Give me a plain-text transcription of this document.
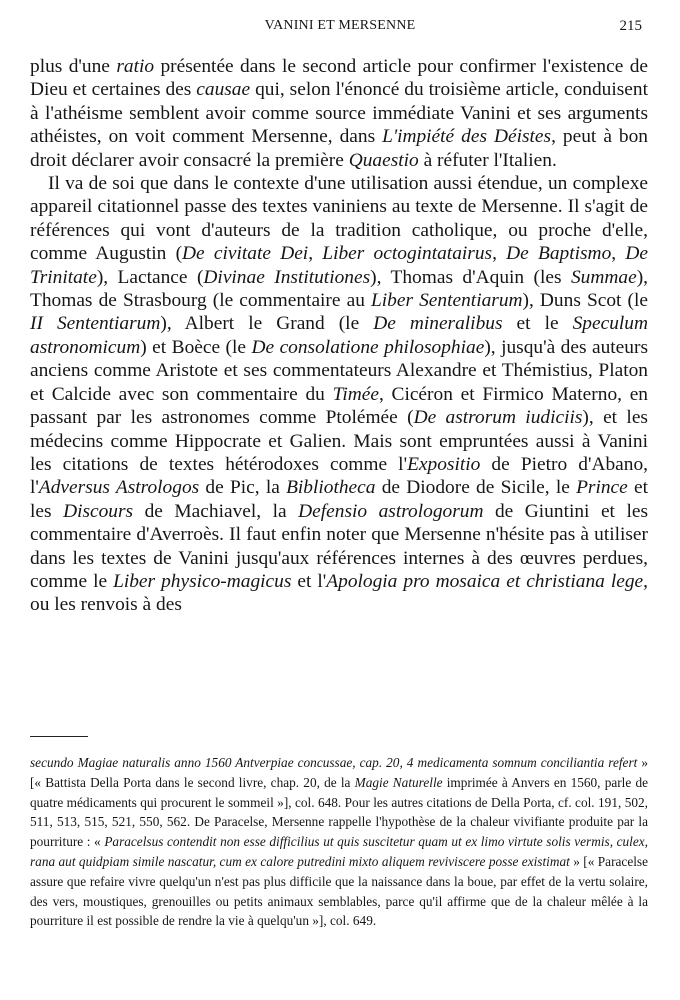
VANINI ET MERSENNE	215

plus d'une ratio présentée dans le second article pour confirmer l'existence de Dieu et certaines des causae qui, selon l'énoncé du troisième article, conduisent à l'athéisme semblent avoir comme source immédiate Vanini et ses arguments athéistes, on voit comment Mersenne, dans L'impiété des Déistes, peut à bon droit déclarer avoir consacré la première Quaestio à réfuter l'Italien.

Il va de soi que dans le contexte d'une utilisation aussi étendue, un complexe appareil citationnel passe des textes vaniniens au texte de Mersenne. Il s'agit de références qui vont d'auteurs de la tradition catholique, ou proche d'elle, comme Augustin (De civitate Dei, Liber octogintatairus, De Baptismo, De Trinitate), Lactance (Divinae Institutiones), Thomas d'Aquin (les Summae), Thomas de Strasbourg (le commentaire au Liber Sententiarum), Duns Scot (le II Sententiarum), Albert le Grand (le De mineralibus et le Speculum astronomicum) et Boèce (le De consolatione philosophiae), jusqu'à des auteurs anciens comme Aristote et ses commentateurs Alexandre et Thémistius, Platon et Calcide avec son commentaire du Timée, Cicéron et Firmico Materno, en passant par les astronomes comme Ptolémée (De astrorum iudiciis), et les médecins comme Hippocrate et Galien. Mais sont empruntées aussi à Vanini les citations de textes hétérodoxes comme l'Expositio de Pietro d'Abano, l'Adversus Astrologos de Pic, la Bibliotheca de Diodore de Sicile, le Prince et les Discours de Machiavel, la Defensio astrologorum de Giuntini et les commentaire d'Averroès. Il faut enfin noter que Mersenne n'hésite pas à utiliser dans les textes de Vanini jusqu'aux références internes à des œuvres perdues, comme le Liber physico-magicus et l'Apologia pro mosaica et christiana lege, ou les renvois à des

secundo Magiae naturalis anno 1560 Antverpiae concussae, cap. 20, 4 medicamenta somnum conciliantia refert » [« Battista Della Porta dans le second livre, chap. 20, de la Magie Naturelle imprimée à Anvers en 1560, parle de quatre médicaments qui procurent le sommeil »], col. 648. Pour les autres citations de Della Porta, cf. col. 191, 502, 511, 513, 515, 521, 550, 562. De Paracelse, Mersenne rappelle l'hypothèse de la chaleur vivifiante produite par la pourriture : « Paracelsus contendit non esse difficilius ut quis suscitetur quam ut ex limo virtute solis vermis, culex, rana aut quidpiam simile nascatur, cum ex calore putredini mixto aliquem reviviscere posse existimat » [« Paracelse assure que refaire vivre quelqu'un n'est pas plus difficile que la naissance dans la boue, par effet de la vertu solaire, des vers, moustiques, grenouilles ou petits animaux semblables, parce qu'il affirme que de la chaleur mêlée à la pourriture il est possible de rendre la vie à quelqu'un »], col. 649.
